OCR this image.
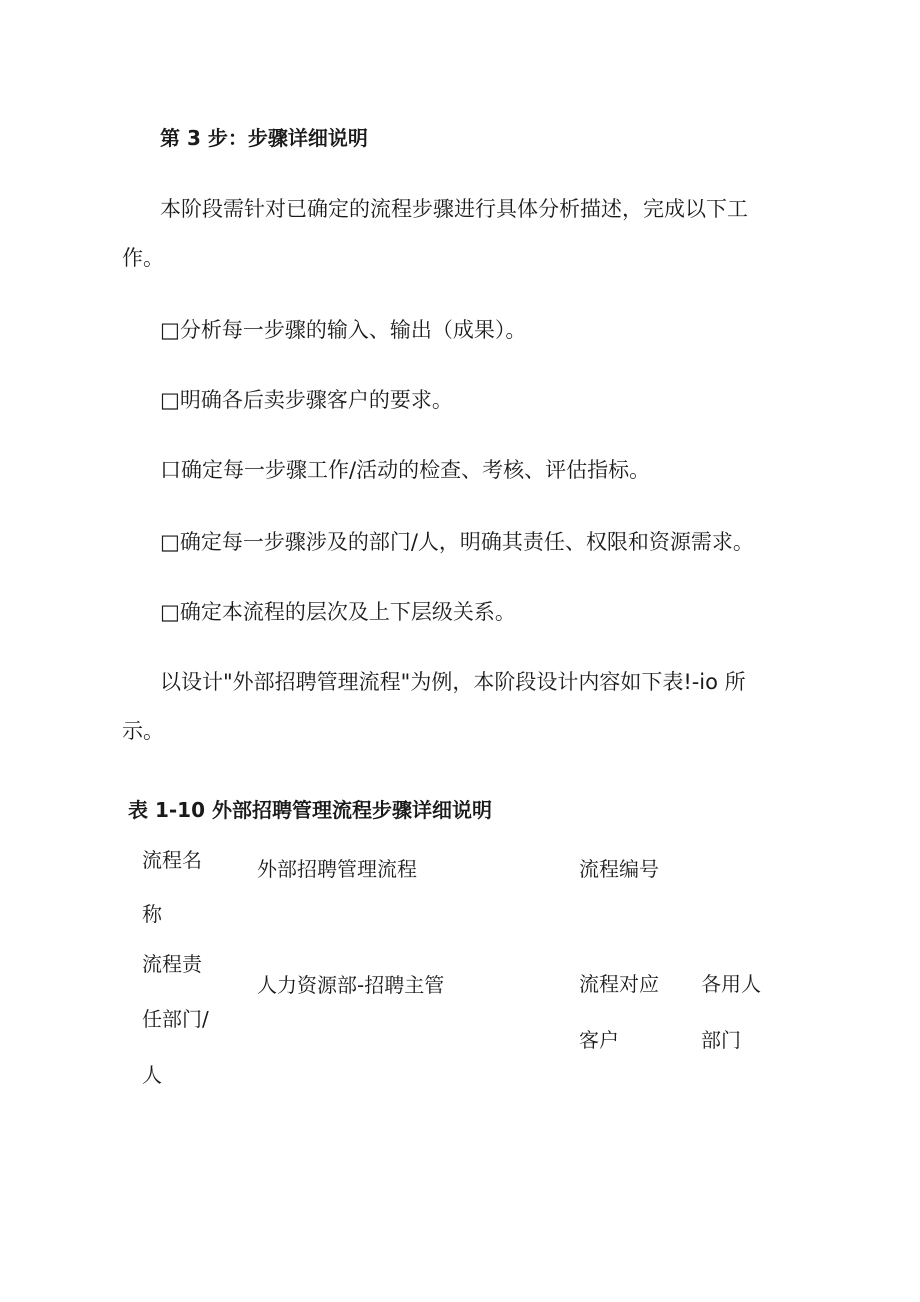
第 3 步：步骤详细说明
本阶段需针对已确定的流程步骤进行具体分析描述，完成以下工
作。
□分析每一步骤的输入、输出（成果）。
□明确各后卖步骤客户的要求。
口确定每一步骤工作/活动的检查、考核、评估指标。
□确定每一步骤涉及的部门/人，明确其责任、权限和资源需求。
□确定本流程的层次及上下层级关系。
以设计"外部招聘管理流程"为例，本阶段设计内容如下表!-io 所
示。
表 1-10 外部招聘管理流程步骤详细说明
流程名
称
外部招聘管理流程	流程编号
流程责
任部门/
人
人力资源部-招聘主管	流程对应
客户
各用人
部门
